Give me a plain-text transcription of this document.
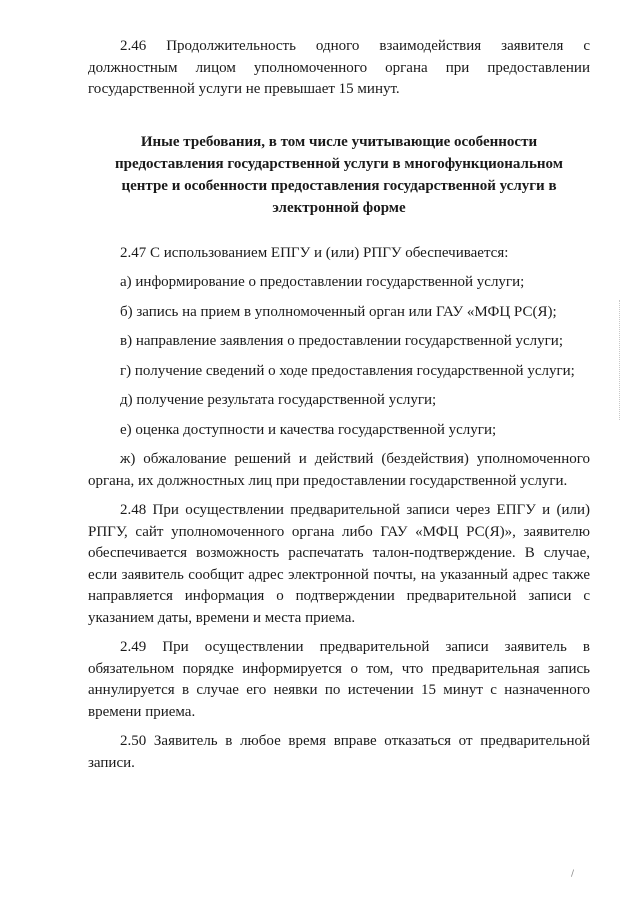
2.46 Продолжительность одного взаимодействия заявителя с должностным лицом уполномоченного органа при предоставлении государственной услуги не превышает 15 минут.

Иные требования, в том числе учитывающие особенности предоставления государственной услуги в многофункциональном центре и особенности предоставления государственной услуги в электронной форме

2.47 С использованием ЕПГУ и (или) РПГУ обеспечивается:

а) информирование о предоставлении государственной услуги;

б) запись на прием в уполномоченный орган или ГАУ «МФЦ РС(Я);

в) направление заявления о предоставлении государственной услуги;

г) получение сведений о ходе предоставления государственной услуги;

д) получение результата государственной услуги;

е) оценка доступности и качества государственной услуги;

ж) обжалование решений и действий (бездействия) уполномоченного органа, их должностных лиц при предоставлении государственной услуги.

2.48 При осуществлении предварительной записи через ЕПГУ и (или) РПГУ, сайт уполномоченного органа либо ГАУ «МФЦ РС(Я)», заявителю обеспечивается возможность распечатать талон-подтверждение. В случае, если заявитель сообщит адрес электронной почты, на указанный адрес также направляется информация о подтверждении предварительной записи с указанием даты, времени и места приема.

2.49 При осуществлении предварительной записи заявитель в обязательном порядке информируется о том, что предварительная запись аннулируется в случае его неявки по истечении 15 минут с назначенного времени приема.

2.50 Заявитель в любое время вправе отказаться от предварительной записи.

/
